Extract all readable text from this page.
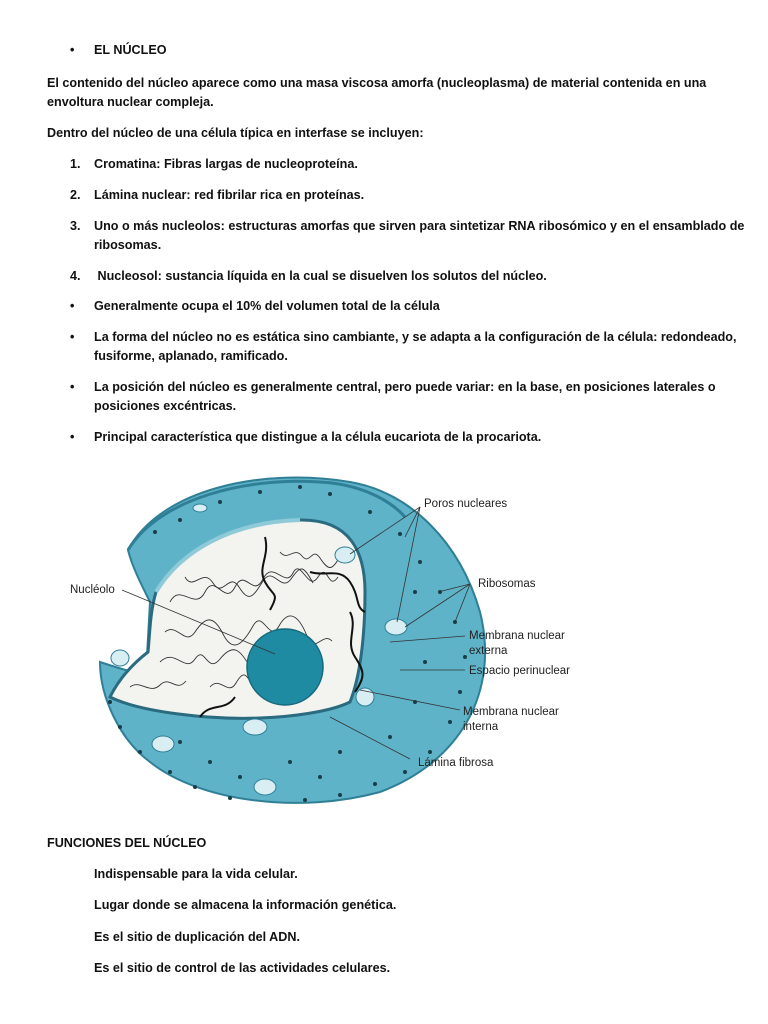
• EL NÚCLEO
El contenido del núcleo aparece como una masa viscosa amorfa (nucleoplasma) de material contenida en una
envoltura nuclear compleja.
Dentro del núcleo de una célula típica en interfase se incluyen:
1. Cromatina: Fibras largas de nucleoproteína.
2. Lámina nuclear: red fibrilar rica en proteínas.
3. Uno o más nucleolos: estructuras amorfas que sirven para sintetizar RNA ribosómico y en el ensamblado de
ribosomas.
4. Nucleosol: sustancia líquida en la cual se disuelven los solutos del núcleo.
• Generalmente ocupa el 10% del volumen total de la célula
• La forma del núcleo no es estática sino cambiante, y se adapta a la configuración de la célula: redondeado,
fusiforme, aplanado, ramificado.
• La posición del núcleo es generalmente central, pero puede variar: en la base, en posiciones laterales o
posiciones excéntricas.
• Principal característica que distingue a la célula eucariota de la procariota.
Poros nucleares
Ribosomas
Nucléolo
Membrana nuclear
externa
Espacio perinuclear
Membrana nuclear
interna
Lámina fibrosa
FUNCIONES DEL NÚCLEO
Indispensable para la vida celular.
Lugar donde se almacena la información genética.
Es el sitio de duplicación del ADN.
Es el sitio de control de las actividades celulares.
